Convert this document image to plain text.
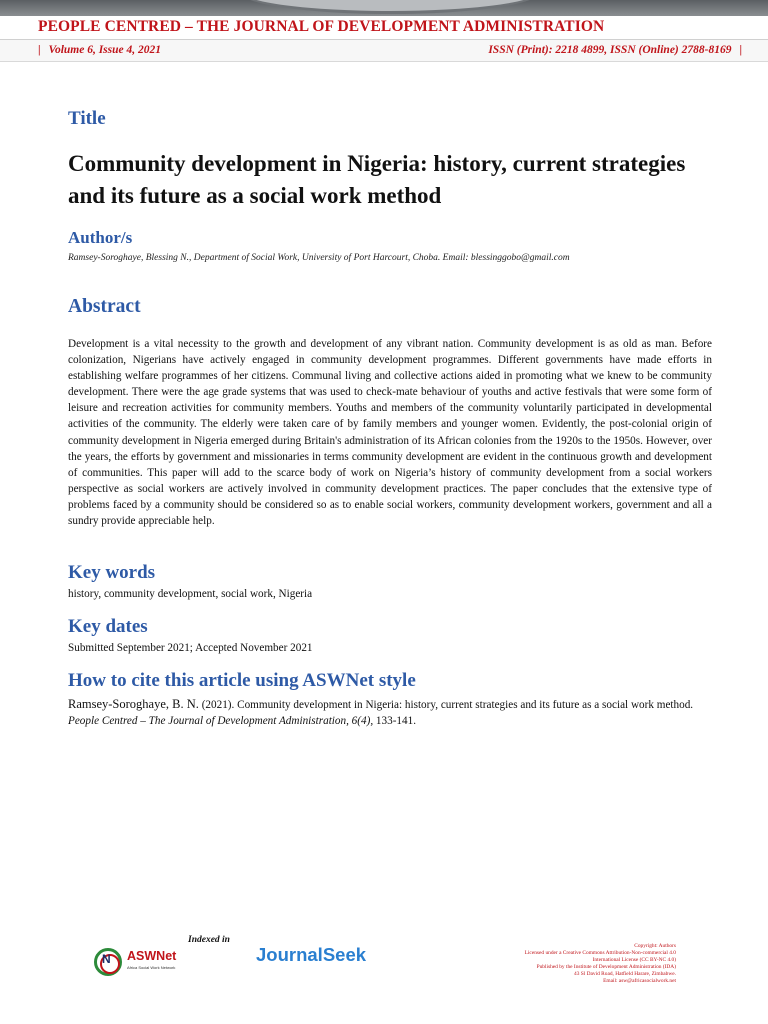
PEOPLE CENTRED – THE JOURNAL OF DEVELOPMENT ADMINISTRATION
| Volume 6, Issue 4, 2021	ISSN (Print): 2218 4899, ISSN (Online) 2788-8169 |
Title
Community development in Nigeria: history, current strategies and its future as a social work method
Author/s
Ramsey-Soroghaye, Blessing N., Department of Social Work, University of Port Harcourt, Choba. Email: blessinggobo@gmail.com
Abstract

Development is a vital necessity to the growth and development of any vibrant nation. Community development is as old as man. Before colonization, Nigerians have actively engaged in community development programmes. Different governments have made efforts in establishing welfare programmes of her citizens. Communal living and collective actions aided in promoting what we knew to be community development. There were the age grade systems that was used to check-mate behaviour of youths and active festivals that were some form of leisure and recreation activities for community members. Youths and members of the community voluntarily participated in developmental activities of the community. The elderly were taken care of by family members and younger women. Evidently, the post-colonial origin of community development in Nigeria emerged during Britain's administration of its African colonies from the 1920s to the 1950s. However, over the years, the efforts by government and missionaries in terms community development are evident in the continuous growth and development of communities. This paper will add to the scarce body of work on Nigeria’s history of community development from a social workers perspective as social workers are actively involved in community development practices. The paper concludes that the extensive type of problems faced by a community should be considered so as to enable social workers, community development workers, government and all a sundry provide appreciable help.

Key words
history, community development, social work, Nigeria
Key dates
Submitted September 2021; Accepted November 2021
How to cite this article using ASWNet style

Ramsey-Soroghaye, B. N. (2021). Community development in Nigeria: history, current strategies and its future as a social work method. People Centred – The Journal of Development Administration, 6(4), 133-141.

Indexed in
N ASWNet
Africa Social Work Network
JournalSeek	Copyright: Authors
Licensed under a Creative Commons Attribution-Non-commercial 4.0
International License (CC BY-NC 4.0)
Published by the Institute of Development Administration (IDA)
43 Sl David Road, Hatfield Harare, Zimbabwe.
Email: asw@africasocialwork.net
